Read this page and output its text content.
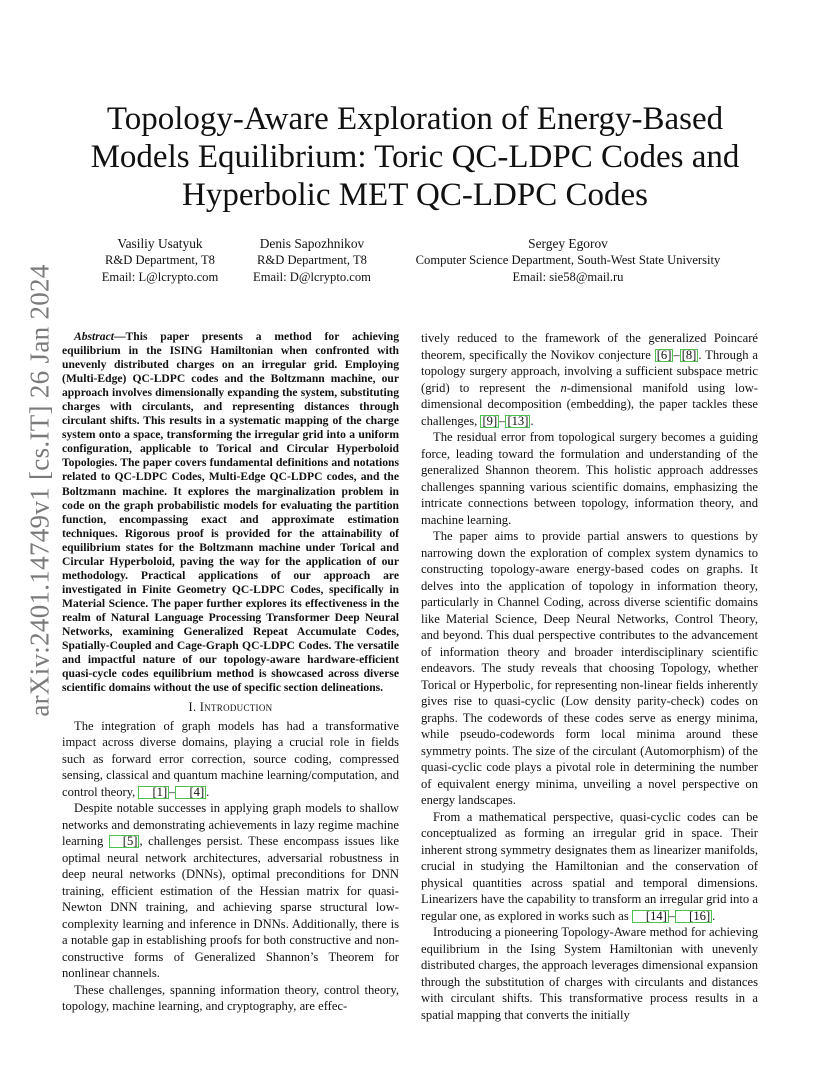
arXiv:2401.14749v1 [cs.IT] 26 Jan 2024
Topology-Aware Exploration of Energy-Based Models Equilibrium: Toric QC-LDPC Codes and Hyperbolic MET QC-LDPC Codes
Vasiliy Usatyuk
R&D Department, T8
Email: L@lcrypto.com
Denis Sapozhnikov
R&D Department, T8
Email: D@lcrypto.com
Sergey Egorov
Computer Science Department, South-West State University
Email: sie58@mail.ru

Abstract—This paper presents a method for achieving equilibrium in the ISING Hamiltonian when confronted with unevenly distributed charges on an irregular grid. Employing (Multi-Edge) QC-LDPC codes and the Boltzmann machine, our approach involves dimensionally expanding the system, substituting charges with circulants, and representing distances through circulant shifts. This results in a systematic mapping of the charge system onto a space, transforming the irregular grid into a uniform configuration, applicable to Torical and Circular Hyperboloid Topologies. The paper covers fundamental definitions and notations related to QC-LDPC Codes, Multi-Edge QC-LDPC codes, and the Boltzmann machine. It explores the marginalization problem in code on the graph probabilistic models for evaluating the partition function, encompassing exact and approximate estimation techniques. Rigorous proof is provided for the attainability of equilibrium states for the Boltzmann machine under Torical and Circular Hyperboloid, paving the way for the application of our methodology. Practical applications of our approach are investigated in Finite Geometry QC-LDPC Codes, specifically in Material Science. The paper further explores its effectiveness in the realm of Natural Language Processing Transformer Deep Neural Networks, examining Generalized Repeat Accumulate Codes, Spatially-Coupled and Cage-Graph QC-LDPC Codes. The versatile and impactful nature of our topology-aware hardware-efficient quasi-cycle codes equilibrium method is showcased across diverse scientific domains without the use of specific section delineations.

I. Introduction

The integration of graph models has had a transformative impact across diverse domains, playing a crucial role in fields such as forward error correction, source coding, compressed sensing, classical and quantum machine learning/computation, and control theory, [1] – [4] .

Despite notable successes in applying graph models to shallow networks and demonstrating achievements in lazy regime machine learning [5] , challenges persist. These encompass issues like optimal neural network architectures, adversarial robustness in deep neural networks (DNNs), optimal preconditions for DNN training, efficient estimation of the Hessian matrix for quasi-Newton DNN training, and achieving sparse structural low-complexity learning and inference in DNNs. Additionally, there is a notable gap in establishing proofs for both constructive and non-constructive forms of Generalized Shannon’s Theorem for nonlinear channels.

These challenges, spanning information theory, control theory, topology, machine learning, and cryptography, are effec-

tively reduced to the framework of the generalized Poincaré theorem, specifically the Novikov conjecture [6] – [8] . Through a topology surgery approach, involving a sufficient subspace metric (grid) to represent the n-dimensional manifold using low-dimensional decomposition (embedding), the paper tackles these challenges, [9] – [13] .

The residual error from topological surgery becomes a guiding force, leading toward the formulation and understanding of the generalized Shannon theorem. This holistic approach addresses challenges spanning various scientific domains, emphasizing the intricate connections between topology, information theory, and machine learning.

The paper aims to provide partial answers to questions by narrowing down the exploration of complex system dynamics to constructing topology-aware energy-based codes on graphs. It delves into the application of topology in information theory, particularly in Channel Coding, across diverse scientific domains like Material Science, Deep Neural Networks, Control Theory, and beyond. This dual perspective contributes to the advancement of information theory and broader interdisciplinary scientific endeavors. The study reveals that choosing Topology, whether Torical or Hyperbolic, for representing non-linear fields inherently gives rise to quasi-cyclic (Low density parity-check) codes on graphs. The codewords of these codes serve as energy minima, while pseudo-codewords form local minima around these symmetry points. The size of the circulant (Automorphism) of the quasi-cyclic code plays a pivotal role in determining the number of equivalent energy minima, unveiling a novel perspective on energy landscapes.

From a mathematical perspective, quasi-cyclic codes can be conceptualized as forming an irregular grid in space. Their inherent strong symmetry designates them as linearizer manifolds, crucial in studying the Hamiltonian and the conservation of physical quantities across spatial and temporal dimensions. Linearizers have the capability to transform an irregular grid into a regular one, as explored in works such as [14] – [16] .

Introducing a pioneering Topology-Aware method for achieving equilibrium in the Ising System Hamiltonian with unevenly distributed charges, the approach leverages dimensional expansion through the substitution of charges with circulants and distances with circulant shifts. This transformative process results in a spatial mapping that converts the initially
